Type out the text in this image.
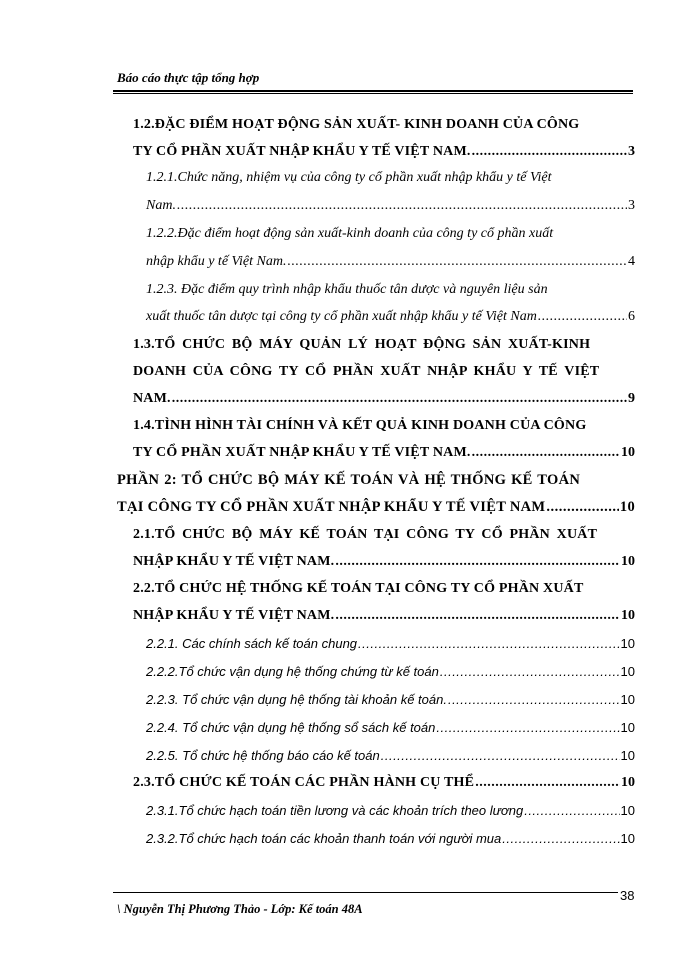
Báo cáo thực tập tổng hợp
1.2.ĐẶC ĐIỂM HOẠT ĐỘNG SẢN XUẤT- KINH DOANH CỦA CÔNG
TY CỔ PHẦN XUẤT NHẬP KHẨU Y TẾ VIỆT NAM. .....	3
1.2.1.Chức năng, nhiệm vụ của công ty cổ phần xuất nhập khẩu y tế Việt
Nam. .....	3
1.2.2.Đặc điểm hoạt động sản xuất-kinh doanh của công ty cổ phần xuất
nhập khẩu y tế Việt Nam. .....	4
1.2.3. Đặc điểm quy trình nhập khẩu thuốc tân dược và nguyên liệu sản
xuất thuốc tân dược tại công ty cổ phần xuất nhập khẩu y tế Việt Nam .....	6
1.3.TỔ CHỨC BỘ MÁY QUẢN LÝ HOẠT ĐỘNG SẢN XUẤT-KINH
DOANH CỦA CÔNG TY CỔ PHẦN XUẤT NHẬP KHẨU Y TẾ VIỆT
NAM. .....	9
1.4.TÌNH HÌNH TÀI CHÍNH VÀ KẾT QUẢ KINH DOANH CỦA CÔNG
TY CỔ PHẦN XUẤT NHẬP KHẨU Y TẾ VIỆT NAM. .....	10
PHẦN 2: TỔ CHỨC BỘ MÁY KẾ TOÁN VÀ HỆ THỐNG KẾ TOÁN
TẠI CÔNG TY CỔ PHẦN XUẤT NHẬP KHẨU Y TẾ VIỆT NAM .....	10
2.1.TỔ CHỨC BỘ MÁY KẾ TOÁN TẠI CÔNG TY CỔ PHẦN XUẤT
NHẬP KHẨU Y TẾ VIỆT NAM. .....	10
2.2.TỔ CHỨC HỆ THỐNG KẾ TOÁN TẠI CÔNG TY CỔ PHẦN XUẤT
NHẬP KHẨU Y TẾ VIỆT NAM. .....	10
2.2.1. Các chính sách kế toán chung .....	10
2.2.2.Tổ chức vận dụng hệ thống chứng từ kế toán .....	10
2.2.3. Tổ chức vận dụng hệ thống tài khoản kế toán. .....	10
2.2.4. Tổ chức vận dụng hệ thống sổ sách kế toán .....	10
2.2.5. Tổ chức hệ thống báo cáo kế toán .....	10
2.3.TỔ CHỨC KẾ TOÁN CÁC PHẦN HÀNH CỤ THỂ .....	10
2.3.1.Tổ chức hạch toán tiền lương và các khoản trích theo lương .....	10
2.3.2.Tổ chức hạch toán các khoản thanh toán với người mua .....	10
\ Nguyễn Thị Phương Thảo - Lớp: Kế toán 48A
38
